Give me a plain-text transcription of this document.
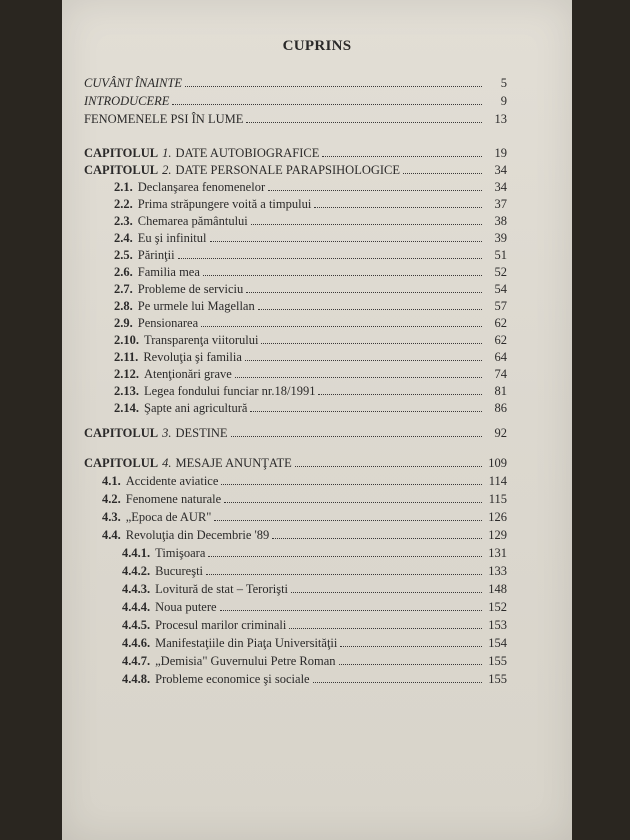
CUPRINS
CUVÂNT ÎNAINTE	5
INTRODUCERE	9
FENOMENELE PSI ÎN LUME	13
CAPITOLUL 1. DATE AUTOBIOGRAFICE	19
CAPITOLUL 2. DATE PERSONALE PARAPSIHOLOGICE	34
2.1. Declanşarea fenomenelor	34
2.2. Prima străpungere voită a timpului	37
2.3. Chemarea pământului	38
2.4. Eu şi infinitul	39
2.5. Părinţii	51
2.6. Familia mea	52
2.7. Probleme de serviciu	54
2.8. Pe urmele lui Magellan	57
2.9. Pensionarea	62
2.10. Transparenţa viitorului	62
2.11. Revoluţia şi familia	64
2.12. Atenţionări grave	74
2.13. Legea fondului funciar nr.18/1991	81
2.14. Şapte ani agricultură	86
CAPITOLUL 3. DESTINE	92
CAPITOLUL 4. MESAJE ANUNŢATE	109
4.1. Accidente aviatice	114
4.2. Fenomene naturale	115
4.3. „Epoca de AUR"	126
4.4. Revoluţia din Decembrie '89	129
4.4.1. Timişoara	131
4.4.2. Bucureşti	133
4.4.3. Lovitură de stat – Terorişti	148
4.4.4. Noua putere	152
4.4.5. Procesul marilor criminali	153
4.4.6. Manifestaţiile din Piaţa Universităţii	154
4.4.7. „Demisia" Guvernului Petre Roman	155
4.4.8. Probleme economice şi sociale	155
